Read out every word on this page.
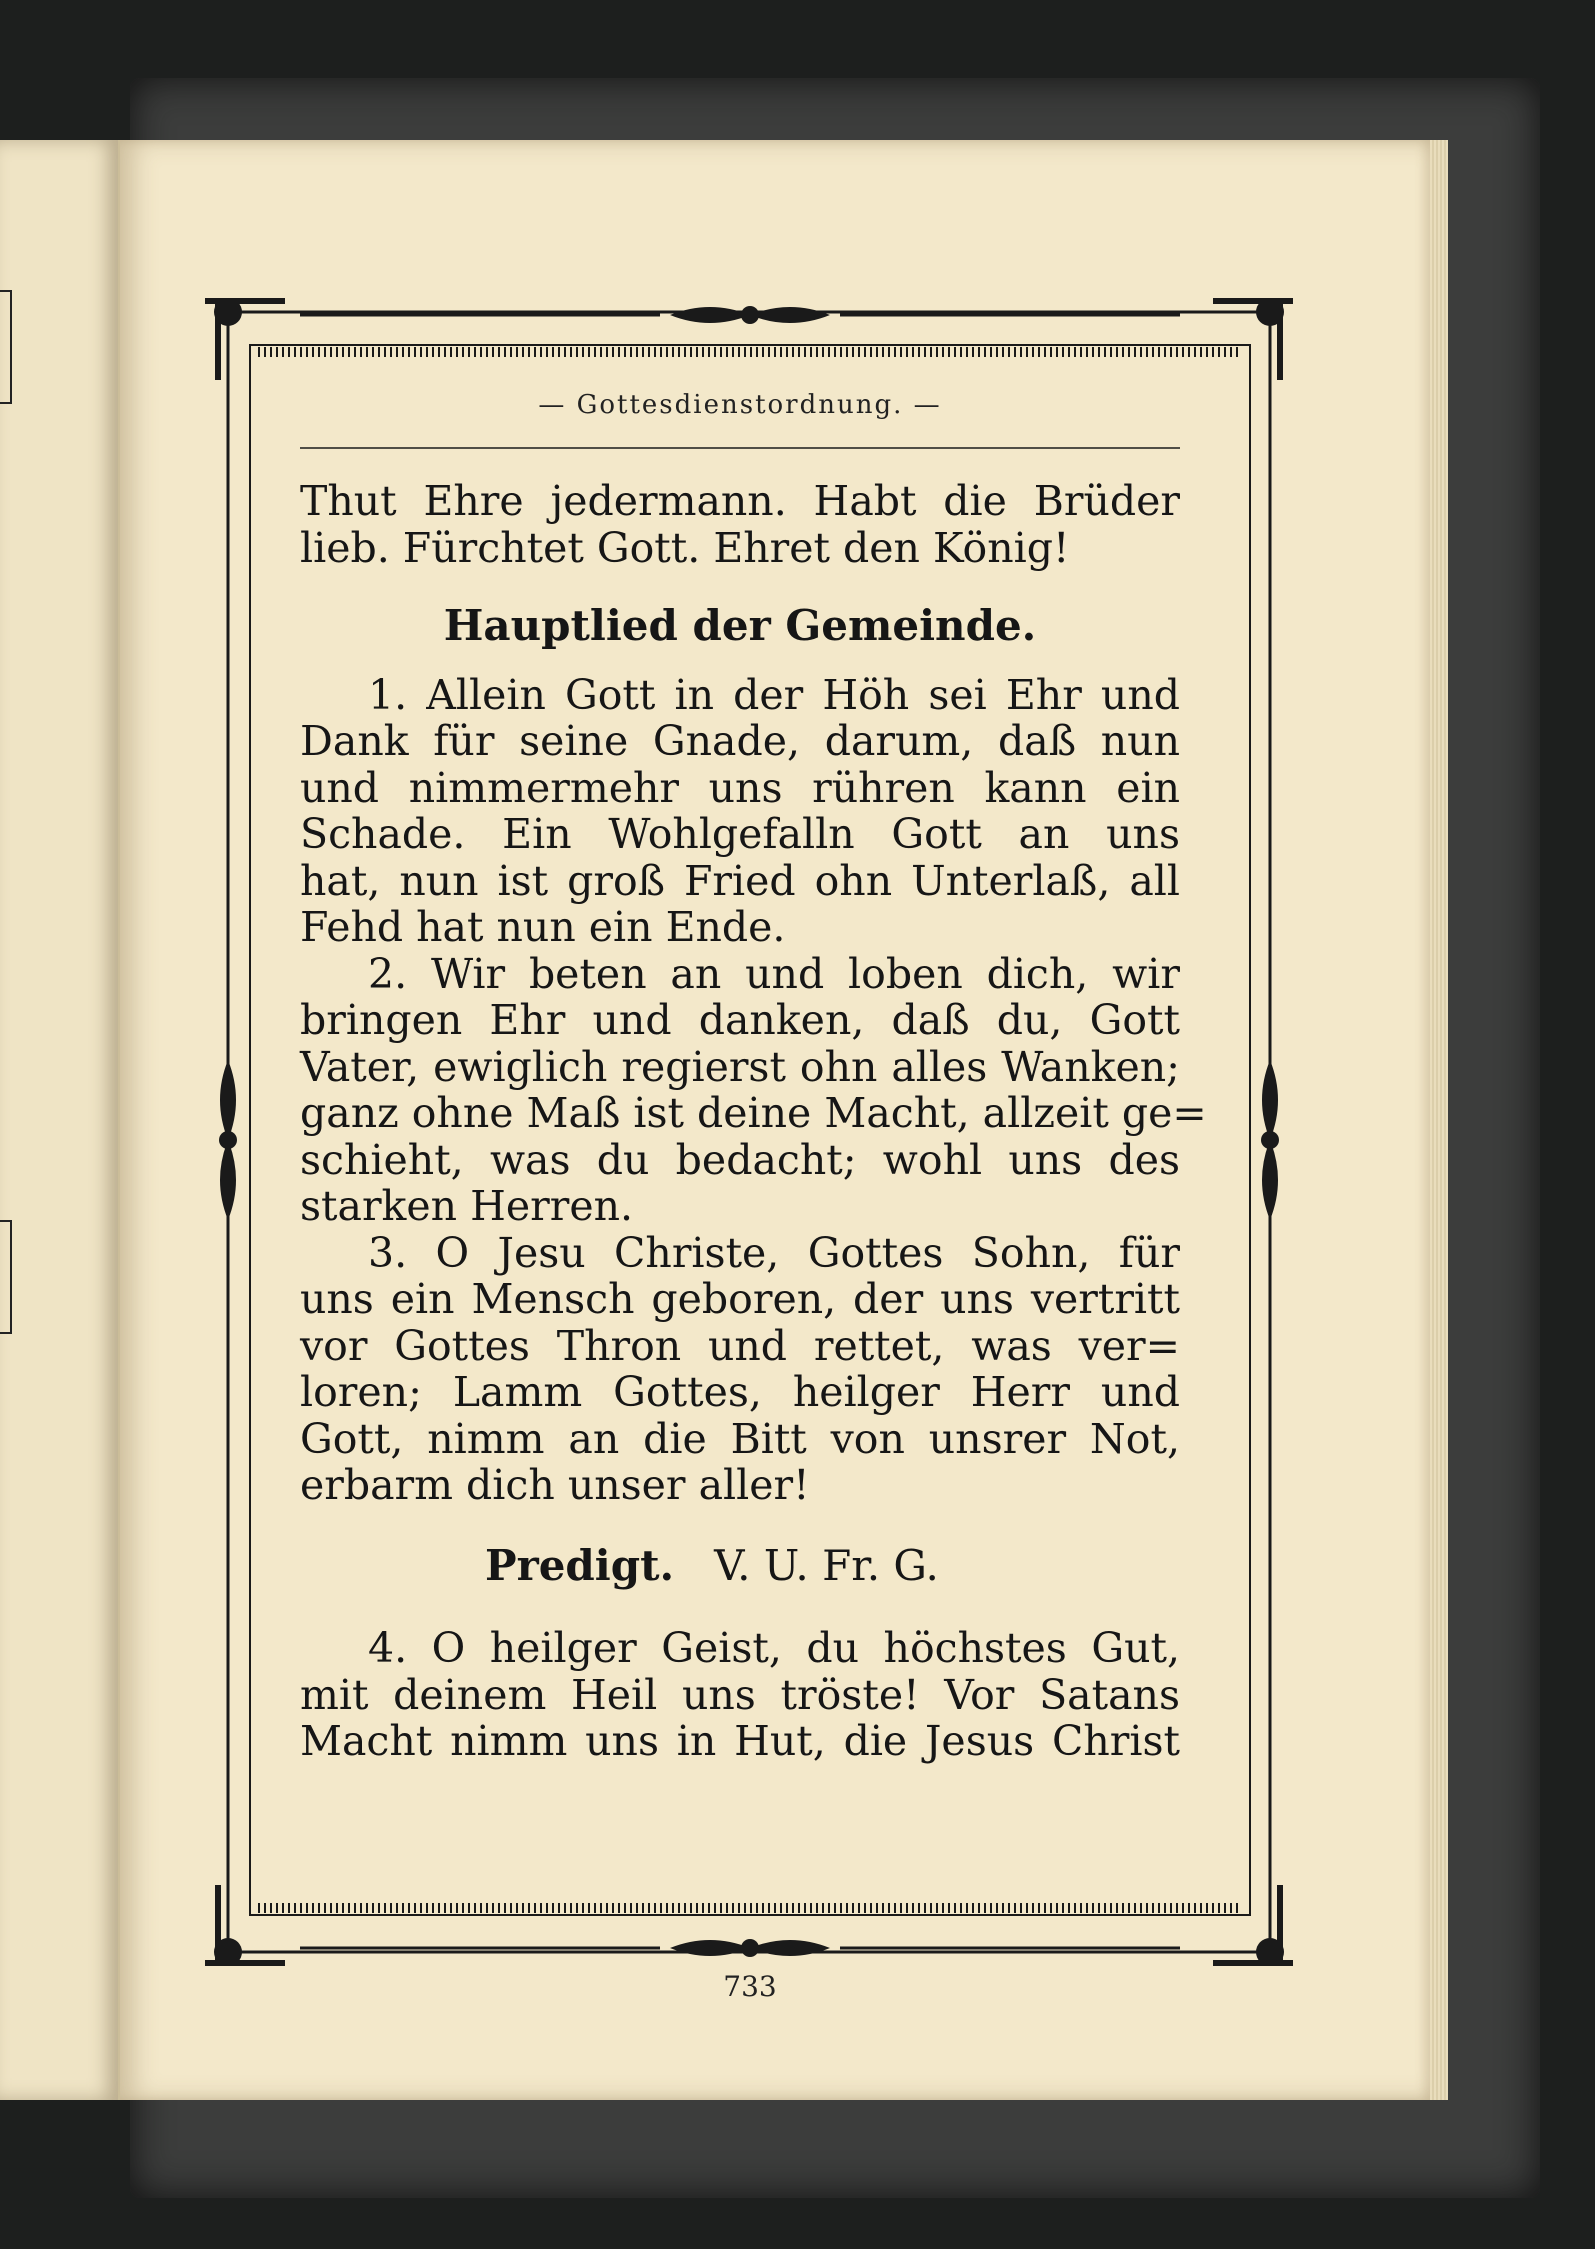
— Gottesdienstordnung. —
Thut Ehre jedermann. Habt die Brüder
lieb. Fürchtet Gott. Ehret den König!
Hauptlied der Gemeinde.
1. Allein Gott in der Höh sei Ehr und
Dank für seine Gnade, darum, daß nun
und nimmermehr uns rühren kann ein
Schade. Ein Wohlgefalln Gott an uns
hat, nun ist groß Fried ohn Unterlaß, all
Fehd hat nun ein Ende.
2. Wir beten an und loben dich, wir
bringen Ehr und danken, daß du, Gott
Vater, ewiglich regierst ohn alles Wanken;
ganz ohne Maß ist deine Macht, allzeit ge=
schieht, was du bedacht; wohl uns des
starken Herren.
3. O Jesu Christe, Gottes Sohn, für
uns ein Mensch geboren, der uns vertritt
vor Gottes Thron und rettet, was ver=
loren; Lamm Gottes, heilger Herr und
Gott, nimm an die Bitt von unsrer Not,
erbarm dich unser aller!
Predigt. V. U. Fr. G.
4. O heilger Geist, du höchstes Gut,
mit deinem Heil uns tröste! Vor Satans
Macht nimm uns in Hut, die Jesus Christ
733
